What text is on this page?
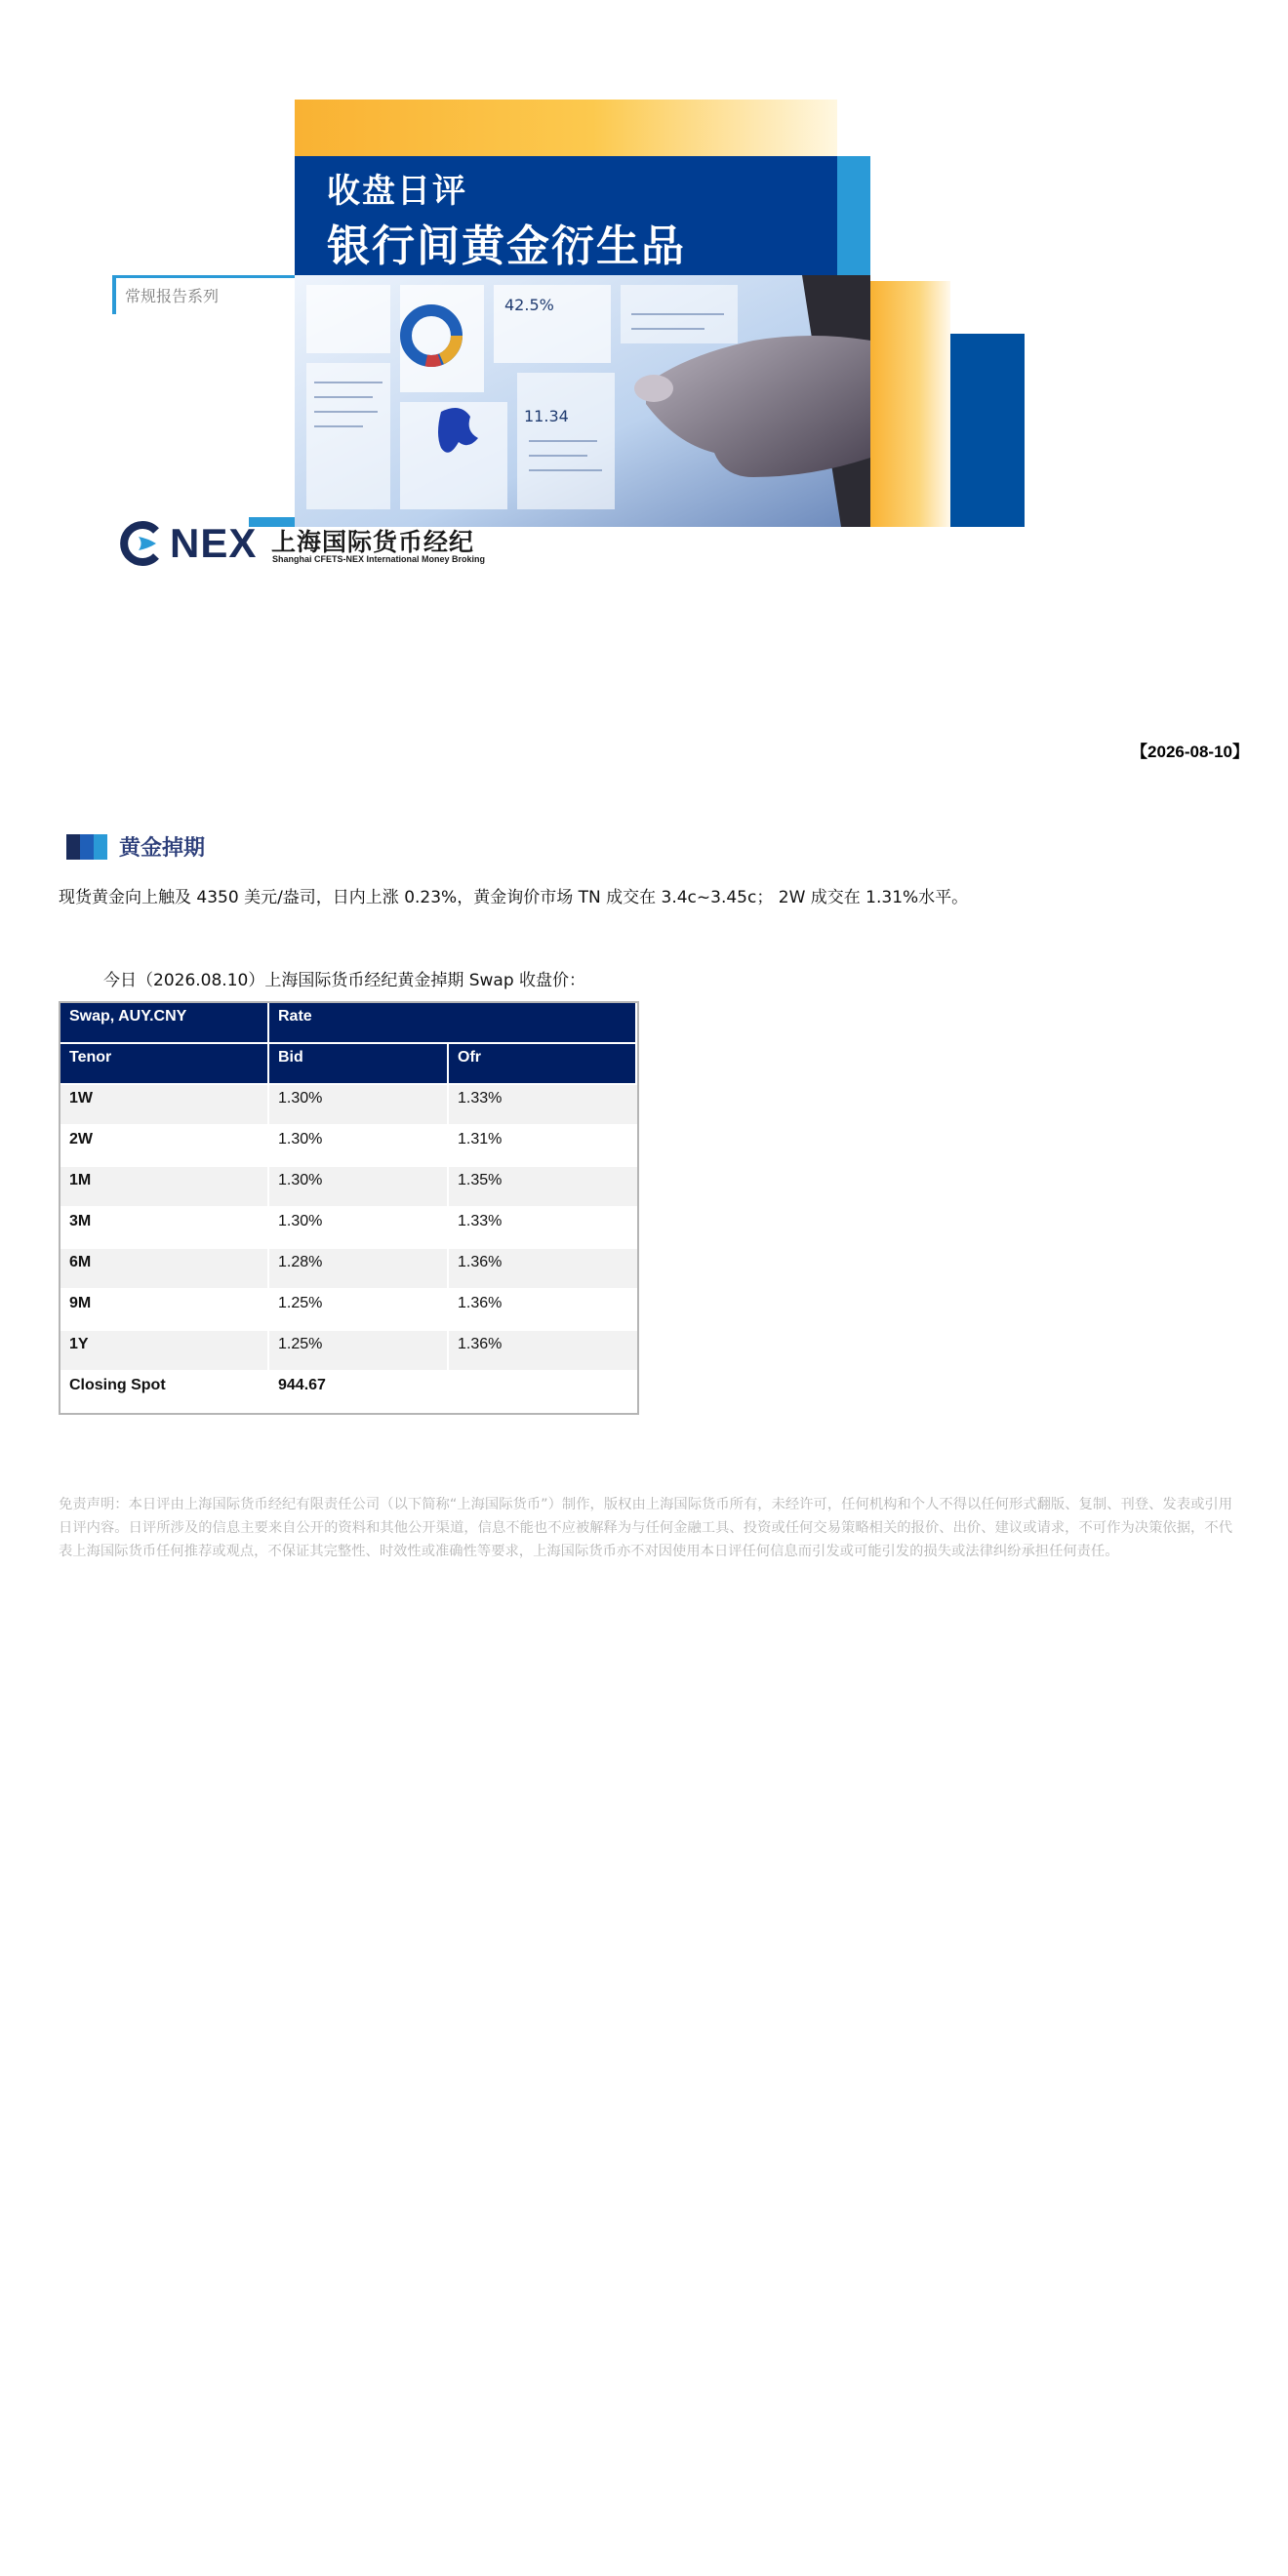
收盘日评
银行间黄金衍生品
42.5%
11.34
常规报告系列
NEX 上海国际货币经纪
Shanghai CFETS-NEX International Money Broking
【2026-08-10】
黄金掉期
现货黄金向上触及 4350 美元/盎司，日内上涨 0.23%，黄金询价市场 TN 成交在 3.4c~3.45c； 2W 成交在 1.31%水平。
今日（2026.08.10）上海国际货币经纪黄金掉期 Swap 收盘价：
Swap, AUY.CNY	Rate	
Tenor	Bid	Ofr
1W	1.30%	1.33%
2W	1.30%	1.31%
1M	1.30%	1.35%
3M	1.30%	1.33%
6M	1.28%	1.36%
9M	1.25%	1.36%
1Y	1.25%	1.36%
Closing Spot	944.67	
免责声明：本日评由上海国际货币经纪有限责任公司（以下简称“上海国际货币”）制作，版权由上海国际货币所有，未经许可，任何机构和个人不得以任何形式翻版、复制、刊登、发表或引用日评内容。日评所涉及的信息主要来自公开的资料和其他公开渠道，信息不能也不应被解释为与任何金融工具、投资或任何交易策略相关的报价、出价、建议或请求，不可作为决策依据，不代表上海国际货币任何推荐或观点，不保证其完整性、时效性或准确性等要求，上海国际货币亦不对因使用本日评任何信息而引发或可能引发的损失或法律纠纷承担任何责任。
